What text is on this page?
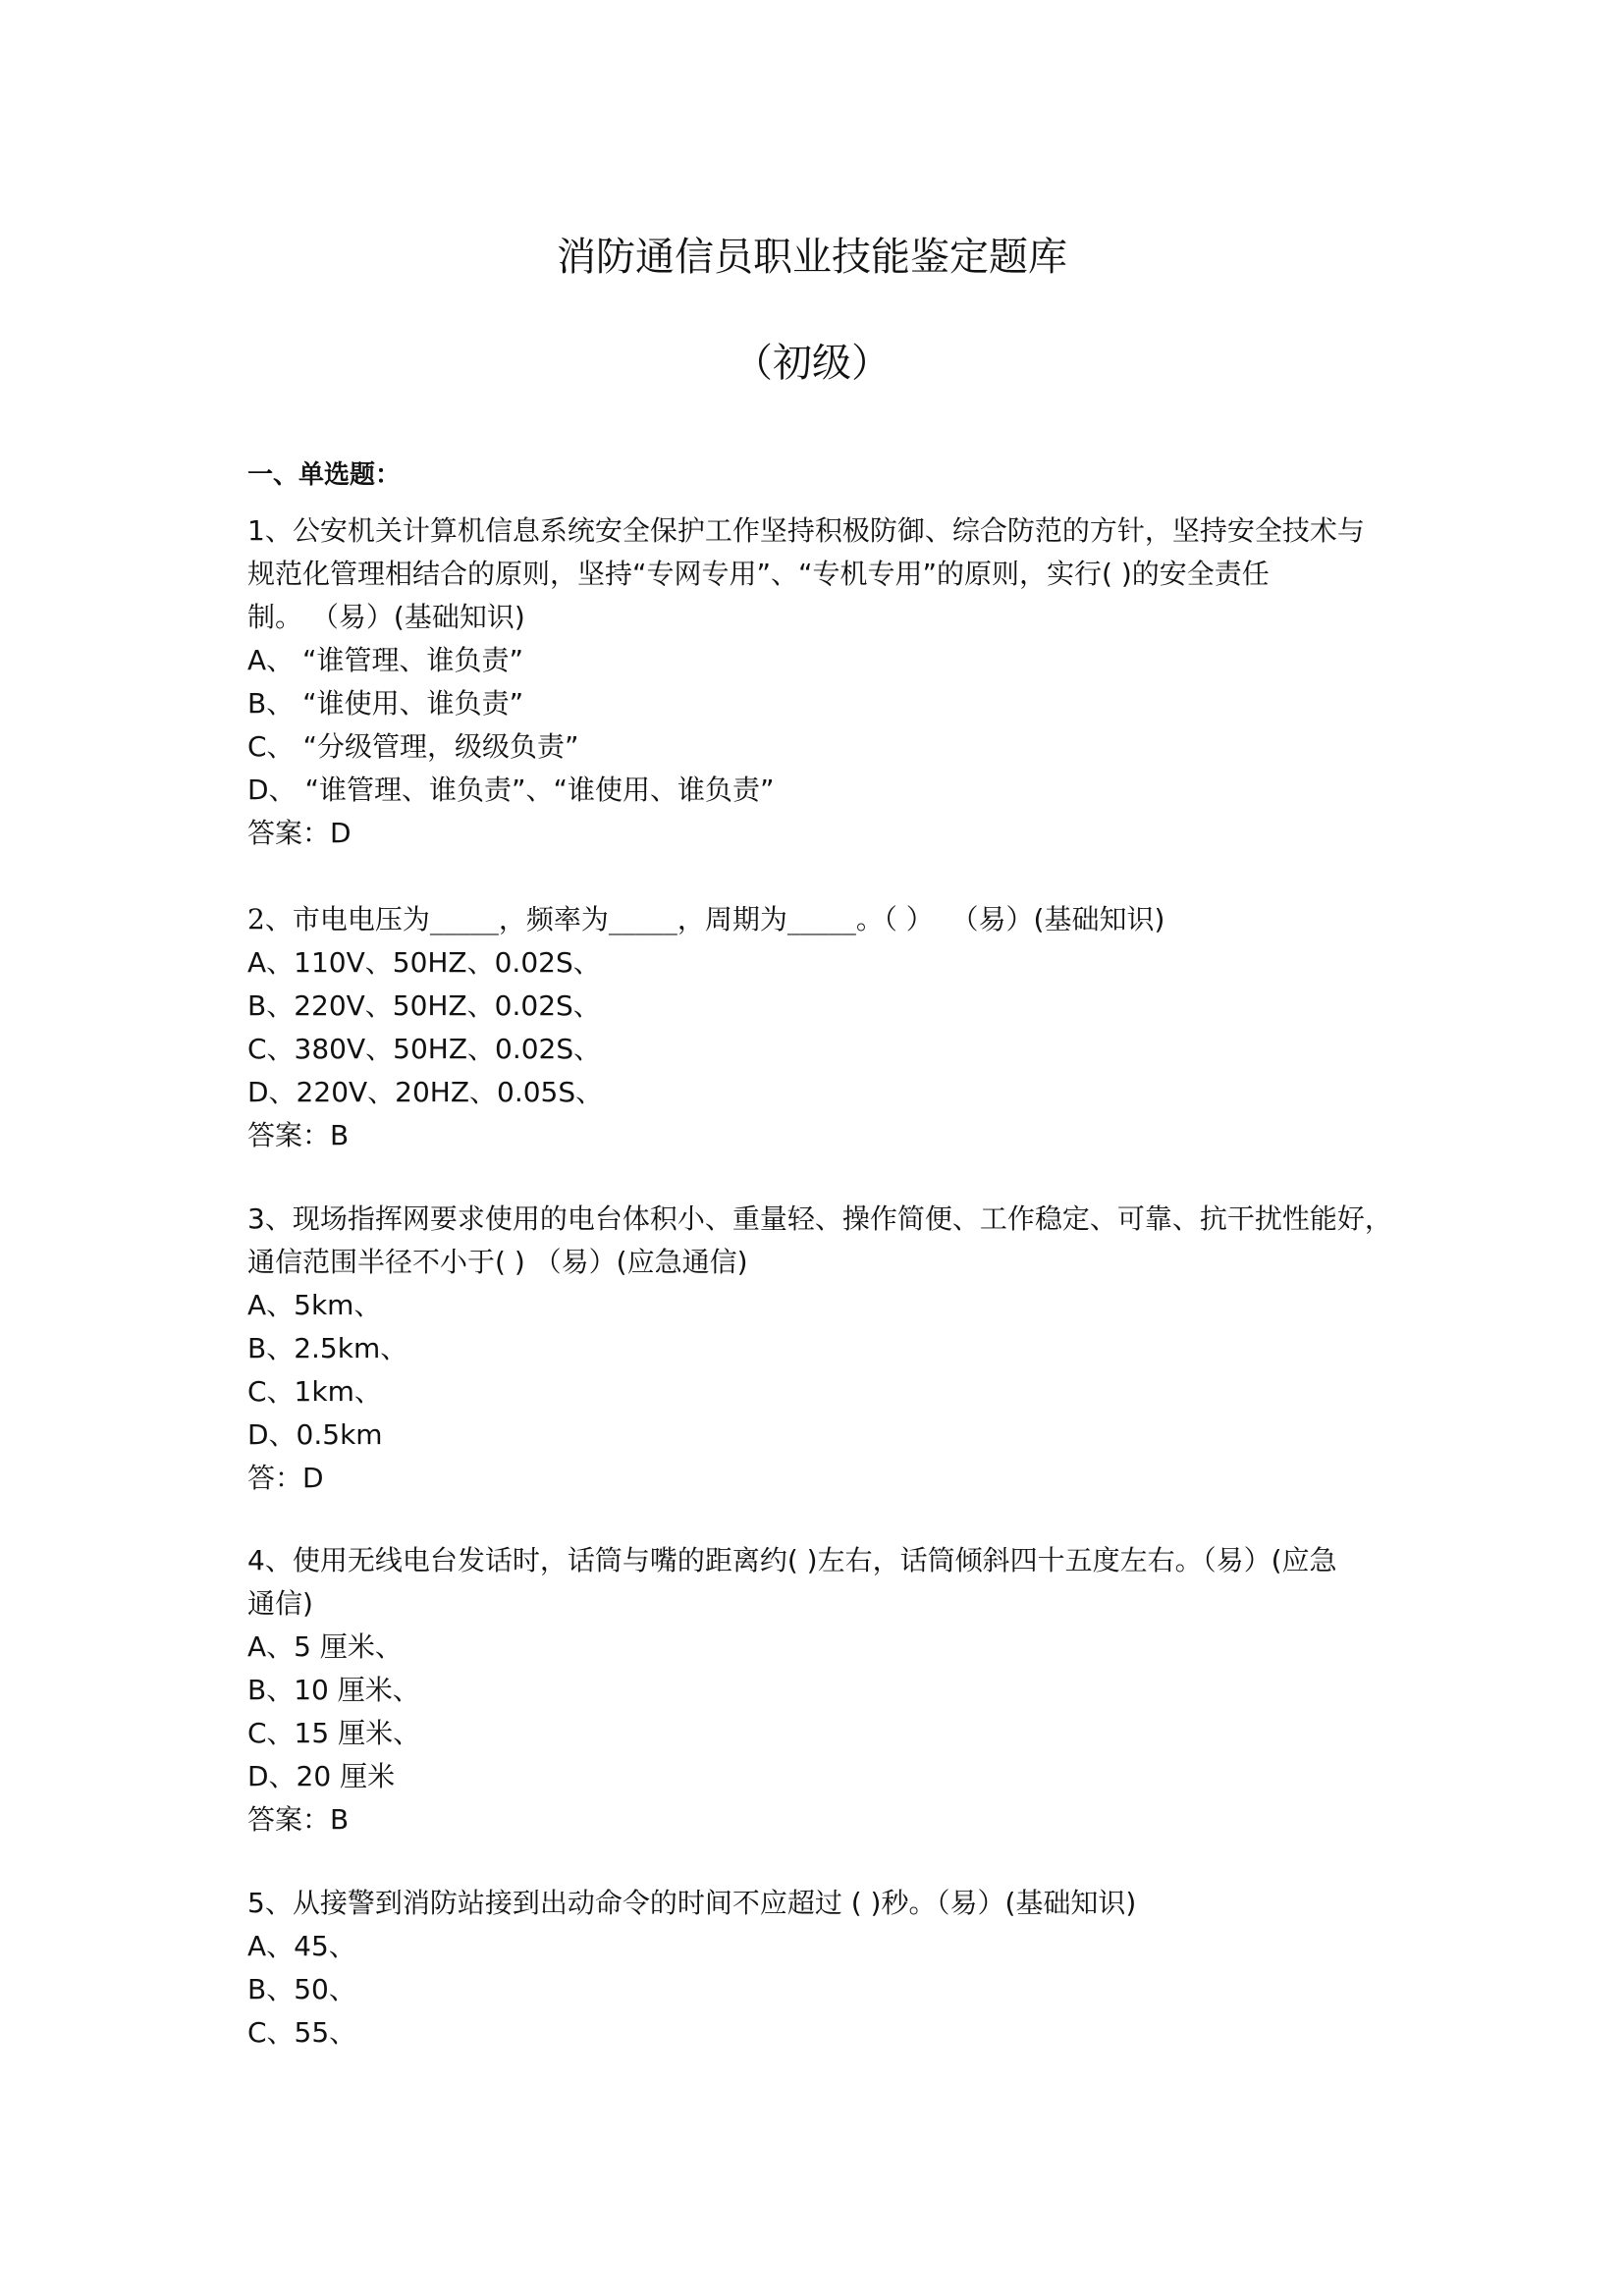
消防通信员职业技能鉴定题库
（初级）

一、单选题：

1、公安机关计算机信息系统安全保护工作坚持积极防御、综合防范的方针，坚持安全技术与
规范化管理相结合的原则，坚持“专网专用”、“专机专用”的原则，实行( )的安全责任
制。 （易）(基础知识)
A、 “谁管理、谁负责”
B、 “谁使用、谁负责”
C、 “分级管理，级级负责”
D、 “谁管理、谁负责”、“谁使用、谁负责”
答案：D
2、市电电压为_____，频率为_____，周期为_____。（ ） （易）(基础知识)
A、110V、50HZ、0.02S、
B、220V、50HZ、0.02S、
C、380V、50HZ、0.02S、
D、220V、20HZ、0.05S、
答案：B
3、现场指挥网要求使用的电台体积小、重量轻、操作简便、工作稳定、可靠、抗干扰性能好，
通信范围半径不小于( ) （易）(应急通信)
A、5km、
B、2.5km、
C、1km、
D、0.5km
答：D
4、使用无线电台发话时，话筒与嘴的距离约( )左右，话筒倾斜四十五度左右。（易）(应急
通信)
A、5 厘米、
B、10 厘米、
C、15 厘米、
D、20 厘米
答案：B
5、从接警到消防站接到出动命令的时间不应超过 ( )秒。（易）(基础知识)
A、45、
B、50、
C、55、
